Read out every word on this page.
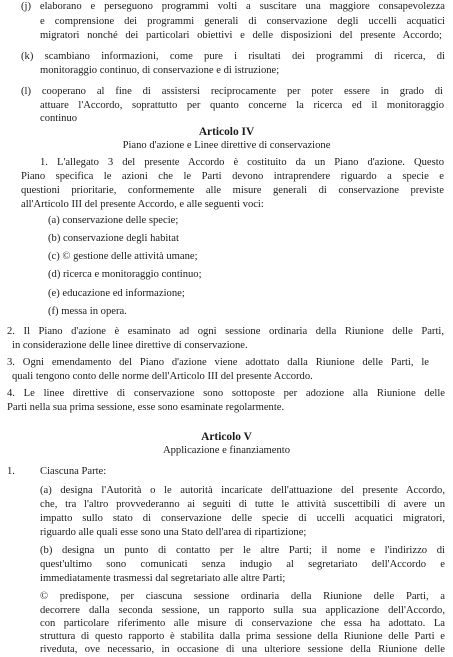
(j) elaborano e perseguono programmi volti a suscitare una maggiore consapevolezza
e comprensione dei programmi generali di conservazione degli uccelli acquatici
migratori nonché dei particolari obiettivi e delle disposizioni del presente Accordo;
(k) scambiano informazioni, come pure i risultati dei programmi di ricerca, di
monitoraggio continuo, di conservazione e di istruzione;
(l) cooperano al fine di assistersi reciprocamente per poter essere in grado di
attuare l'Accordo, soprattutto per quanto concerne la ricerca ed il monitoraggio
continuo
Articolo IV
Piano d'azione e Linee direttive di conservazione
1. L'allegato 3 del presente Accordo è costituito da un Piano d'azione. Questo
Piano specifica le azioni che le Parti devono intraprendere riguardo a specie e
questioni prioritarie, conformemente alle misure generali di conservazione previste
all'Articolo III del presente Accordo, e alle seguenti voci:
(a) conservazione delle specie;
(b) conservazione degli habitat
(c) © gestione delle attività umane;
(d) ricerca e monitoraggio continuo;
(e) educazione ed informazione;
(f) messa in opera.
2. Il Piano d'azione è esaminato ad ogni sessione ordinaria della Riunione delle Parti,
in considerazione delle linee direttive di conservazione.
3. Ogni emendamento del Piano d'azione viene adottato dalla Riunione delle Parti, le
quali tengono conto delle norme dell'Articolo III del presente Accordo.
4. Le linee direttive di conservazione sono sottoposte per adozione alla Riunione delle
Parti nella sua prima sessione, esse sono esaminate regolarmente.
Articolo V
Applicazione e finanziamento
1. Ciascuna Parte:
(a) designa l'Autorità o le autorità incaricate dell'attuazione del presente Accordo,
che, tra l'altro provvederanno ai seguiti di tutte le attività suscettibili di avere un
impatto sullo stato di conservazione delle specie di uccelli acquatici migratori,
riguardo alle quali esse sono una Stato dell'area di ripartizione;
(b) designa un punto di contatto per le altre Parti; il nome e l'indirizzo di
quest'ultimo sono comunicati senza indugio al segretariato dell'Accordo e
immediatamente trasmessi dal segretariato alle altre Parti;
© predispone, per ciascuna sessione ordinaria della Riunione delle Parti, a
decorrere dalla seconda sessione, un rapporto sulla sua applicazione dell'Accordo,
con particolare riferimento alle misure di conservazione che essa ha adottato. La
struttura di questo rapporto è stabilita dalla prima sessione della Riunione delle Parti e
riveduta, ove necessario, in occasione di una ulteriore sessione della Riunione delle
